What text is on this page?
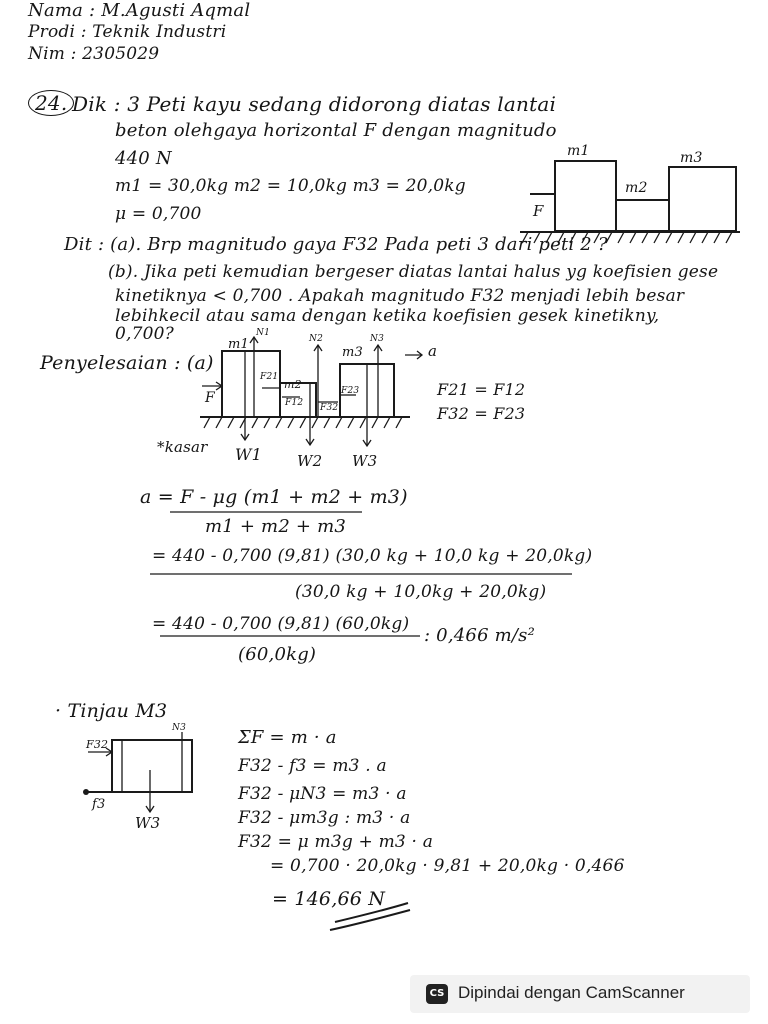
Nama : M.Agusti Aqmal
Prodi : Teknik Industri
Nim : 2305029
24. Dik : 3 Peti kayu sedang didorong diatas lantai
beton olehgaya horizontal F dengan magnitudo
440 N
m1 = 30,0kg m2 = 10,0kg m3 = 20,0kg
μ = 0,700
m1
m2
m3
F
Dit : (a). Brp magnitudo gaya F32 Pada peti 3 dari peti 2 ?
(b). Jika peti kemudian bergeser diatas lantai halus yg koefisien gese
kinetiknya < 0,700 . Apakah magnitudo F32 menjadi lebih besar
lebihkecil atau sama dengan ketika koefisien gesek kinetikny,
0,700?
Penyelesaian : (a)
m1
m2
m3
F
N1
N2	N3
F21
F12 F32
F23
a
W1 W2 W3
*kasar
F21 = F12
F32 = F23
a = F - μg (m1 + m2 + m3)
m1 + m2 + m3
= 440 - 0,700 (9,81) (30,0 kg + 10,0 kg + 20,0kg)
(30,0 kg + 10,0kg + 20,0kg)
= 440 - 0,700 (9,81) (60,0kg)
(60,0kg)
: 0,466 m/s²
· Tinjau M3
F32
N3
f3
W3
ΣF = m · a
F32 - f3 = m3 . a
F32 - μN3 = m3 · a
F32 - μm3g : m3 · a
F32 = μ m3g + m3 · a
= 0,700 · 20,0kg · 9,81 + 20,0kg · 0,466
= 146,66 N
CS Dipindai dengan CamScanner
